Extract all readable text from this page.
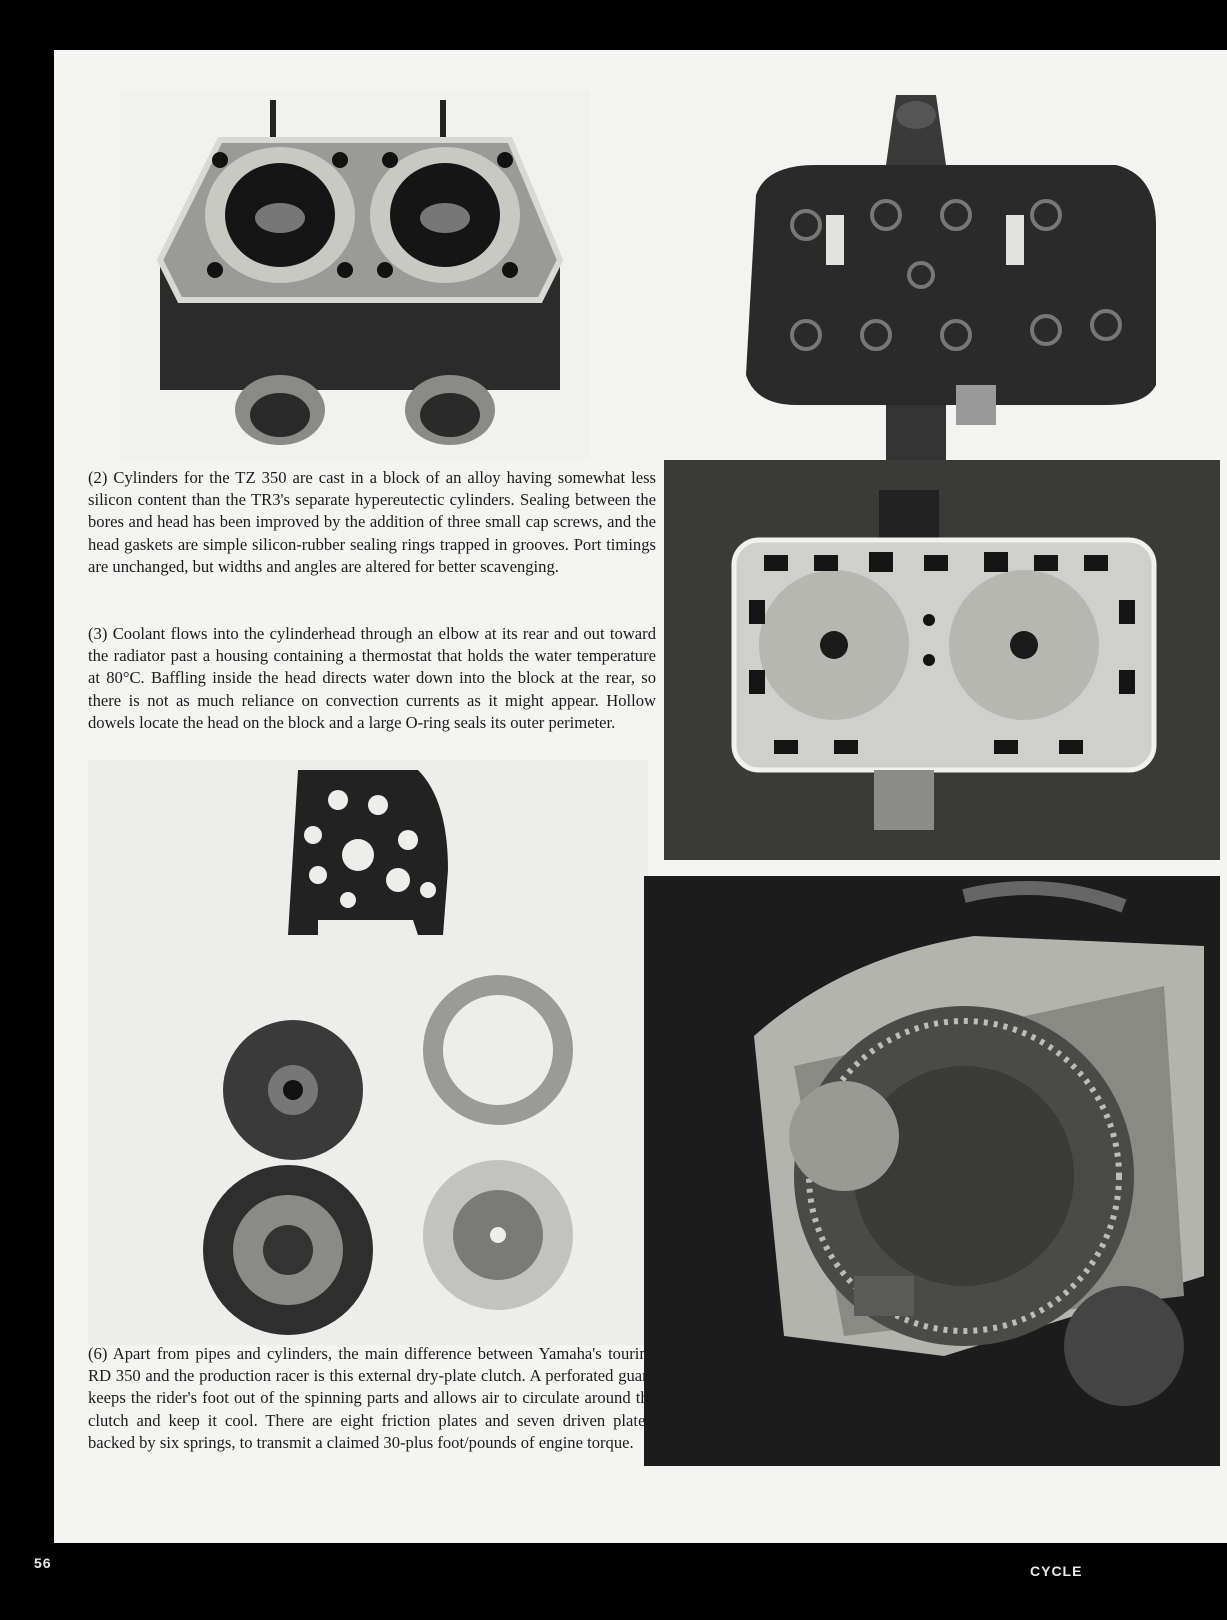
(2) Cylinders for the TZ 350 are cast in a block of an alloy having somewhat less silicon content than the TR3's separate hypereutectic cylinders. Sealing between the bores and head has been improved by the addition of three small cap screws, and the head gaskets are simple silicon-rubber sealing rings trapped in grooves. Port timings are unchanged, but widths and angles are altered for better scavenging.

(3) Coolant flows into the cylinderhead through an elbow at its rear and out toward the radiator past a housing containing a thermostat that holds the water temperature at 80°C. Baffling inside the head directs water down into the block at the rear, so there is not as much reliance on convection currents as it might appear. Hollow dowels locate the head on the block and a large O-ring seals its outer perimeter.

(6) Apart from pipes and cylinders, the main difference between Yamaha's touring RD 350 and the production racer is this external dry-plate clutch. A perforated guard keeps the rider's foot out of the spinning parts and allows air to circulate around the clutch and keep it cool. There are eight friction plates and seven driven plates, backed by six springs, to transmit a claimed 30-plus foot/pounds of engine torque.

56	CYCLE
